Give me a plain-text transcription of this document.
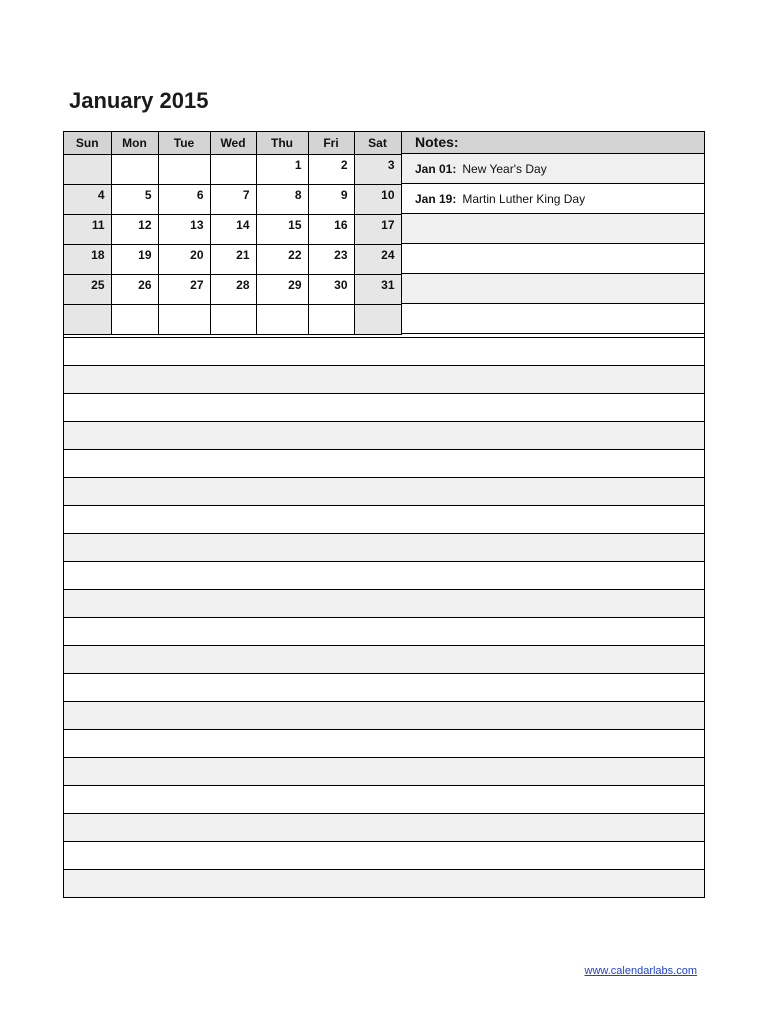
January 2015
Sun	Mon	Tue	Wed	Thu	Fri	Sat
				1	2	3
4	5	6	7	8	9	10
11	12	13	14	15	16	17
18	19	20	21	22	23	24
25	26	27	28	29	30	31

Notes:
Jan 01: New Year's Day
Jan 19: Martin Luther King Day
www.calendarlabs.com
